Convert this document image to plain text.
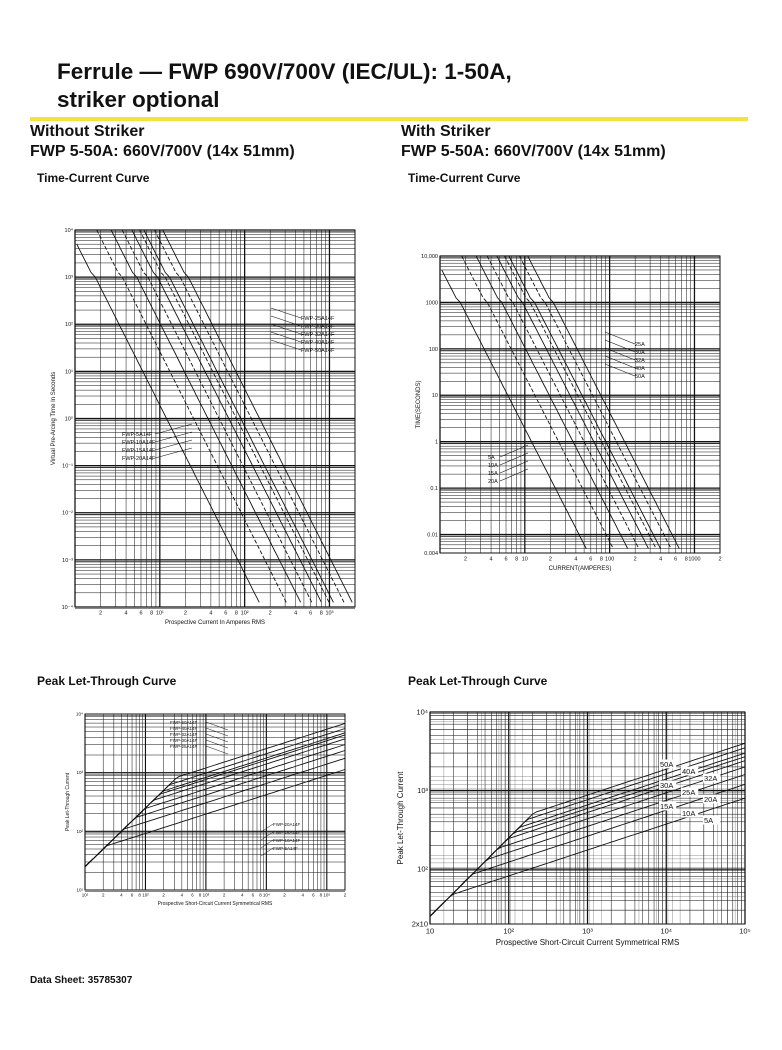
Ferrule — FWP 690V/700V (IEC/UL): 1-50A,
striker optional
Without Striker
FWP 5-50A: 660V/700V (14x 51mm)
With Striker
FWP 5-50A: 660V/700V (14x 51mm)
Time-Current Curve	Time-Current Curve
Peak Let-Through Curve	Peak Let-Through Curve
2	4 6 8 10¹	2	4 6 8 10²	2	4 6 8 10³
10⁴
10³
10²
10¹
10⁰
10⁻¹
10⁻²
10⁻³
10⁻⁴
Prospective Current In Amperes RMS
Virtual Pre-Arcing Time In Seconds	FWP-5A14F
FWP-10A14F
FWP-15A14F
FWP-20A14F
FWP-25A14F
FWP-30A14F
FWP-32A14F
FWP-40A14F
FWP-50A14F
2	4 6 8 10	2	4 6 8 100	2	4 6 8 1000	2
10,000
1000
100
10
1
0.1
0.01
0.004
CURRENT(AMPERES)
TIME(SECONDS)
5A
10A
15A
20A
25A
30A
32A
40A
50A
10¹	2	4 6 8 10²	2	4 6 8 10³	2	4 6 8 10⁴	2	4 6 8 10⁵	2
10⁴
10³
10²
10¹
Prospective Short-Circuit Current Symmetrical RMS
Peak Let-Through Current
FWP-50A14F
FWP-40A14F
FWP-32A14F
FWP-30A14F
FWP-25A14F
FWP-20A14F
FWP-15A14F
FWP-10A14F
FWP-5A14F
10	10²	10³	10⁴	10⁵
10⁴
10³
10²
2x10
Prospective Short-Circuit Current Symmetrical RMS
Peak Let-Through Current
50A
40A
32A
30A
25A
20A
15A
10A
5A
Data Sheet: 35785307
